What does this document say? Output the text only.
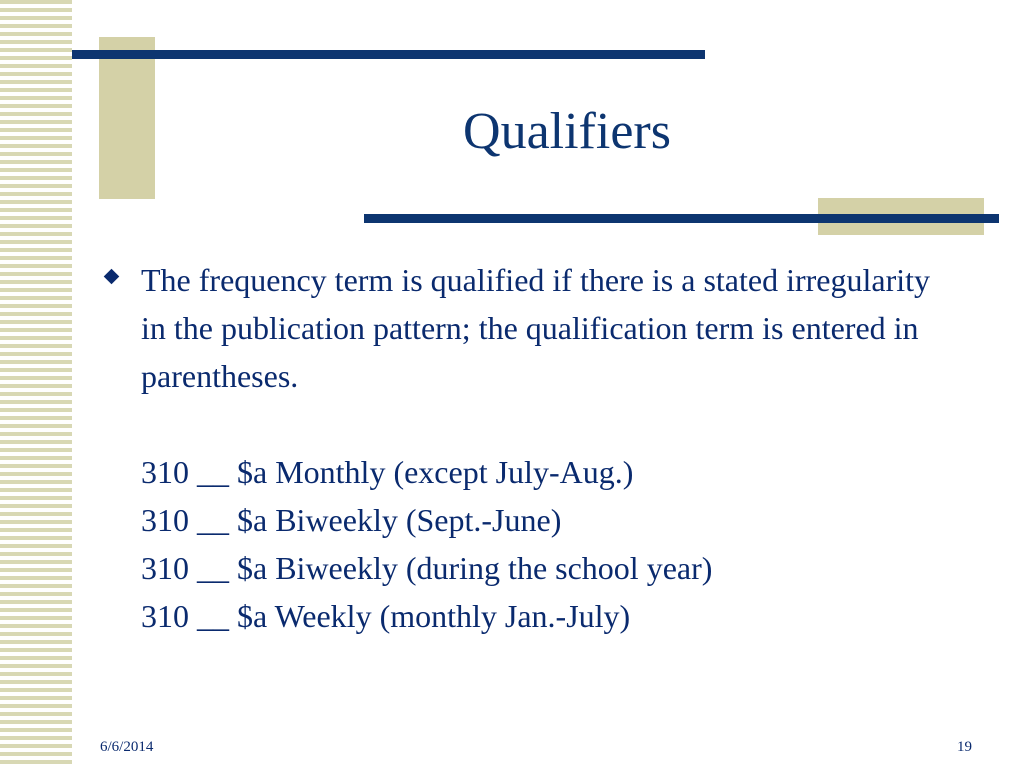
Qualifiers

The frequency term is qualified if there is a stated irregularity in the publication pattern; the qualification term is entered in parentheses.

310 __ $a Monthly (except July-Aug.)
310 __ $a Biweekly (Sept.-June)
310 __ $a Biweekly (during the school year)
310 __ $a Weekly (monthly Jan.-July)
6/6/2014	19
